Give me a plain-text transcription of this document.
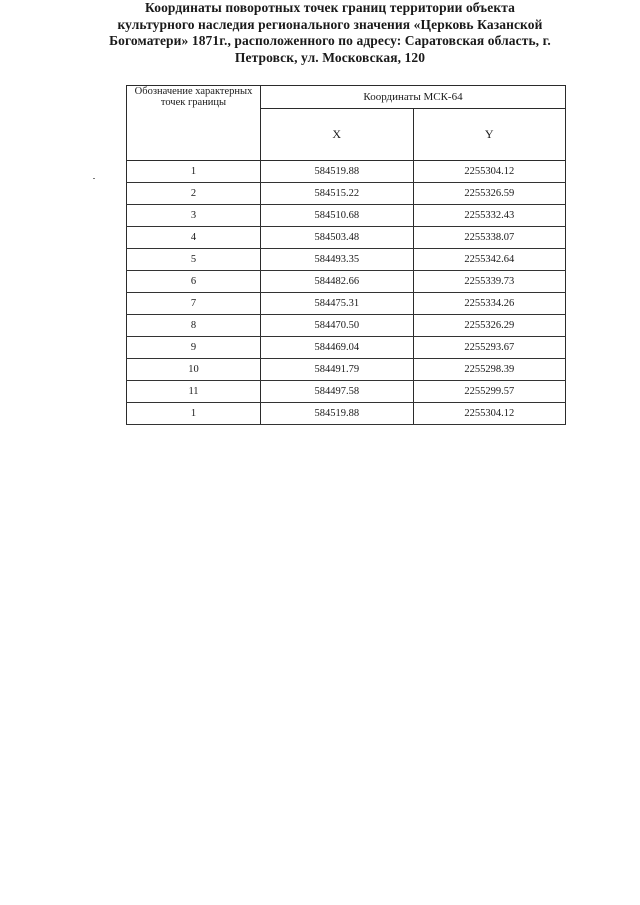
Координаты поворотных точек границ территории объекта
культурного наследия регионального значения «Церковь Казанской
Богоматери» 1871г., расположенного по адресу: Саратовская область, г.
Петровск, ул. Московская, 120
Обозначение характерных точек границы	Координаты МСК-64	
	X	Y
1	584519.88	2255304.12
2	584515.22	2255326.59
3	584510.68	2255332.43
4	584503.48	2255338.07
5	584493.35	2255342.64
6	584482.66	2255339.73
7	584475.31	2255334.26
8	584470.50	2255326.29
9	584469.04	2255293.67
10	584491.79	2255298.39
11	584497.58	2255299.57
1	584519.88	2255304.12
